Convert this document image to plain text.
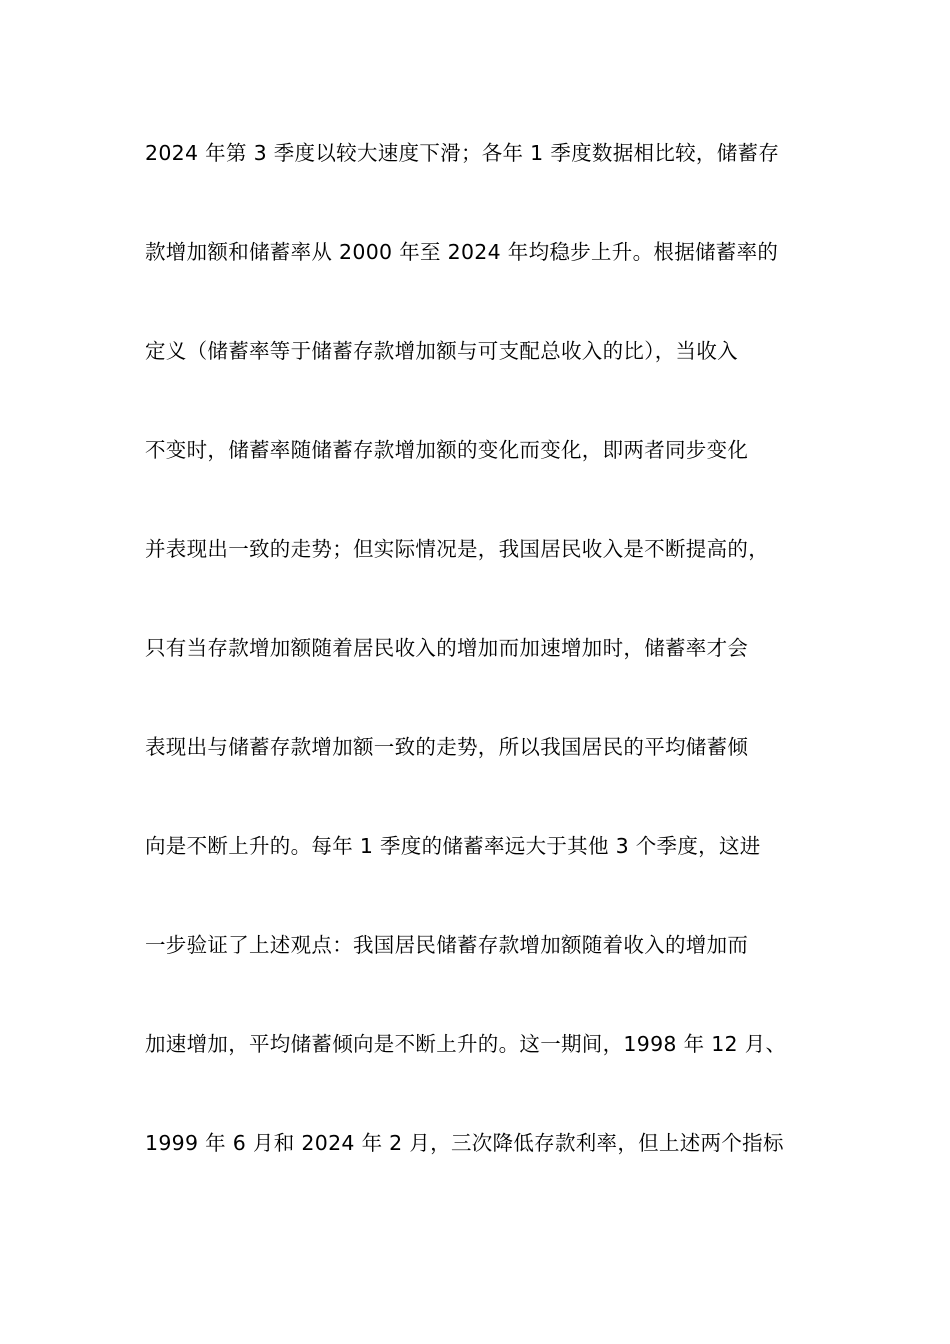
2024 年第 3 季度以较大速度下滑；各年 1 季度数据相比较，储蓄存
款增加额和储蓄率从 2000 年至 2024 年均稳步上升。根据储蓄率的
定义（储蓄率等于储蓄存款增加额与可支配总收入的比），当收入
不变时，储蓄率随储蓄存款增加额的变化而变化，即两者同步变化
并表现出一致的走势；但实际情况是，我国居民收入是不断提高的，
只有当存款增加额随着居民收入的增加而加速增加时，储蓄率才会
表现出与储蓄存款增加额一致的走势，所以我国居民的平均储蓄倾
向是不断上升的。每年 1 季度的储蓄率远大于其他 3 个季度，这进
一步验证了上述观点：我国居民储蓄存款增加额随着收入的增加而
加速增加，平均储蓄倾向是不断上升的。这一期间，1998 年 12 月、
1999 年 6 月和 2024 年 2 月，三次降低存款利率，但上述两个指标
